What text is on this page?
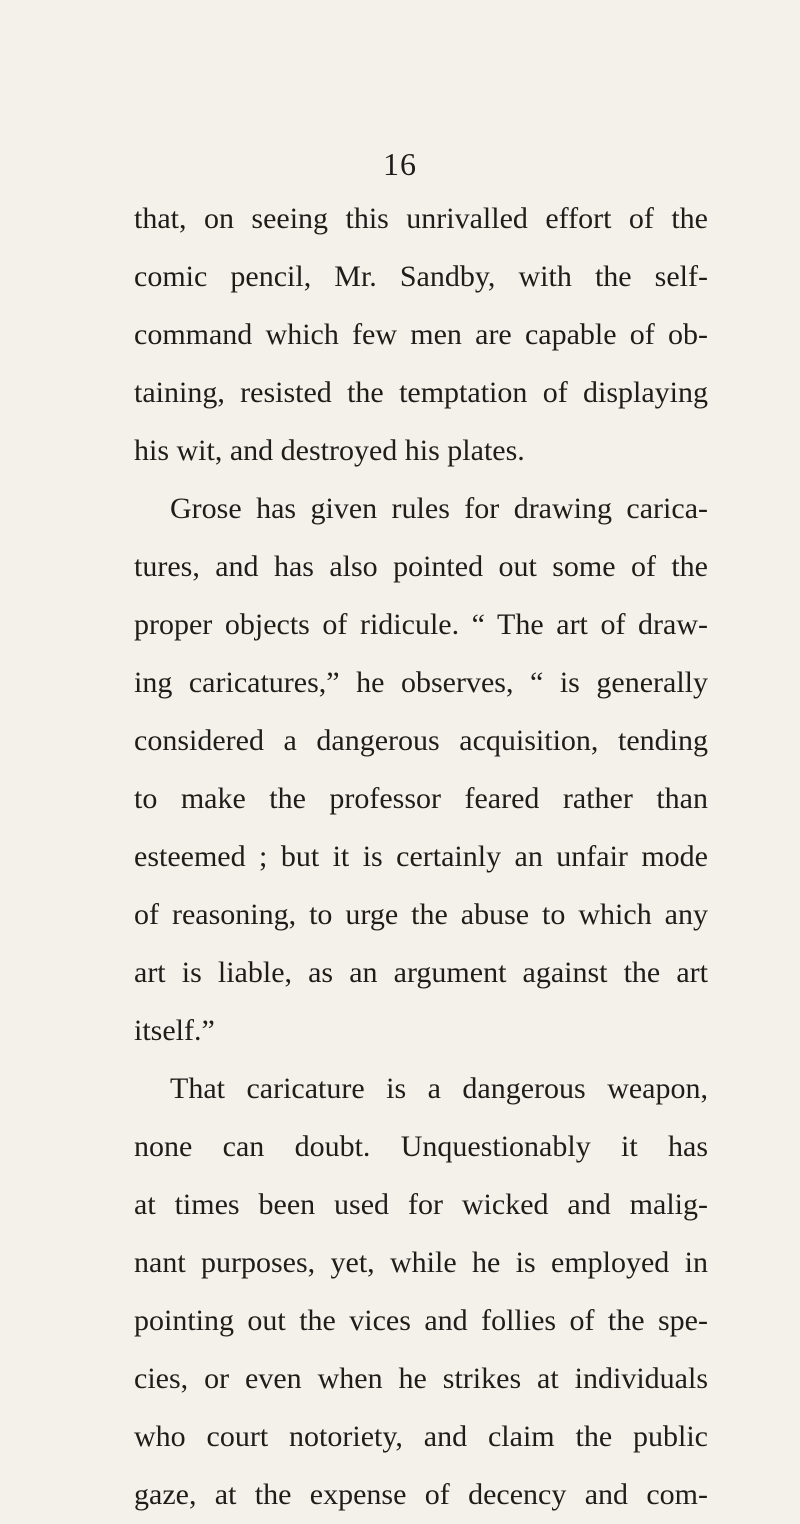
16
that, on seeing this unrivalled effort of the
comic pencil, Mr. Sandby, with the self-
command which few men are capable of ob-
taining, resisted the temptation of displaying
his wit, and destroyed his plates.
Grose has given rules for drawing carica-
tures, and has also pointed out some of the
proper objects of ridicule. “ The art of draw-
ing caricatures,” he observes, “ is generally
considered a dangerous acquisition, tending
to make the professor feared rather than
esteemed ; but it is certainly an unfair mode
of reasoning, to urge the abuse to which any
art is liable, as an argument against the art
itself.”
That caricature is a dangerous weapon,
none can doubt. Unquestionably it has
at times been used for wicked and malig-
nant purposes, yet, while he is employed in
pointing out the vices and follies of the spe-
cies, or even when he strikes at individuals
who court notoriety, and claim the public
gaze, at the expense of decency and com-
